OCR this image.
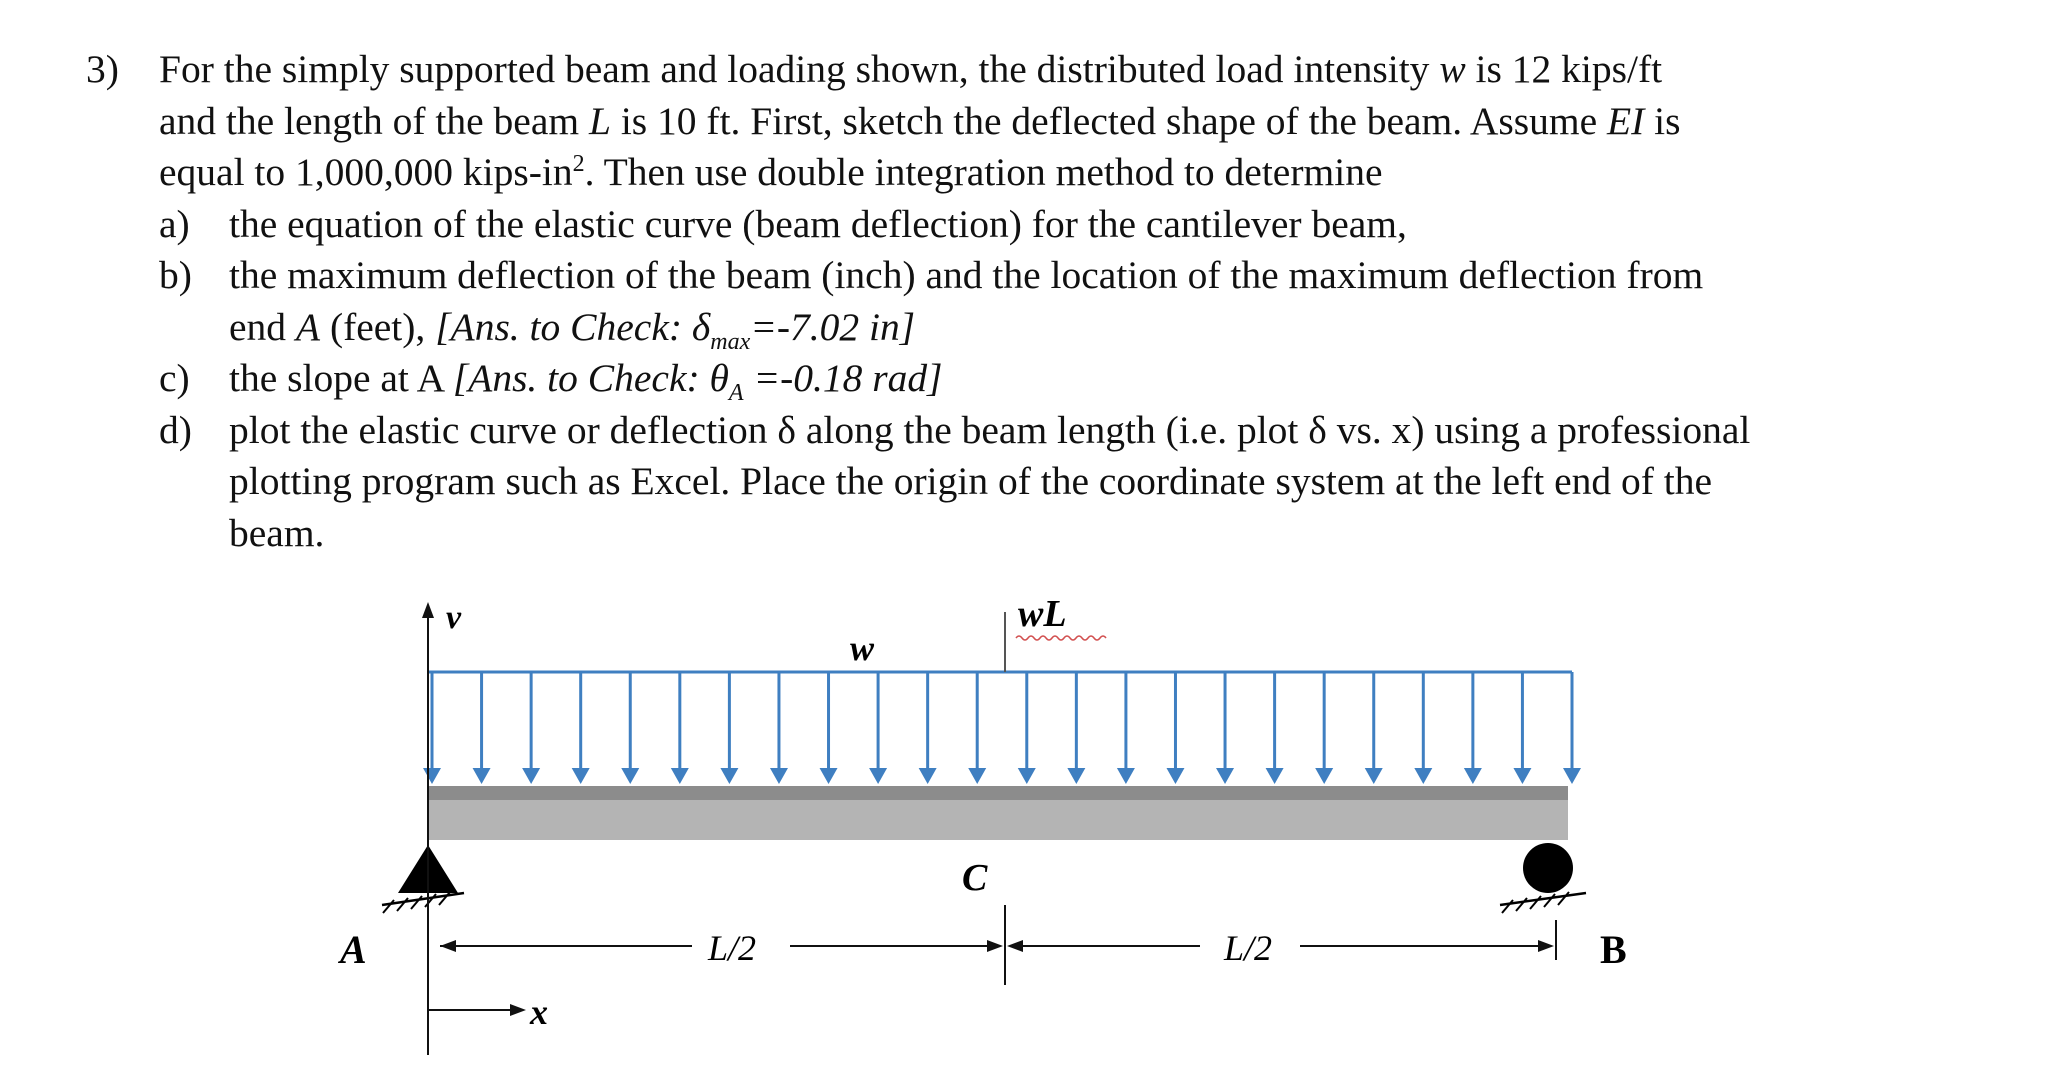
3) For the simply supported beam and loading shown, the distributed load intensity w is 12 kips/ft
and the length of the beam L is 10 ft. First, sketch the deflected shape of the beam. Assume EI is
equal to 1,000,000 kips-$in^2$. Then use double integration method to determine
a) the equation of the elastic curve (beam deflection) for the cantilever beam,
b) the maximum deflection of the beam (inch) and the location of the maximum deflection from
end A (feet), [Ans. to Check: $\delta_{max}=-7.02$ in]
c) the slope at A [Ans. to Check: $\theta_A =-0.18$ rad]
d) plot the elastic curve or deflection δ along the beam length (i.e. plot δ vs. x) using a professional
plotting program such as Excel. Place the origin of the coordinate system at the left end of the
beam.
v
w
wL
C
A	B
L/2	L/2
x
